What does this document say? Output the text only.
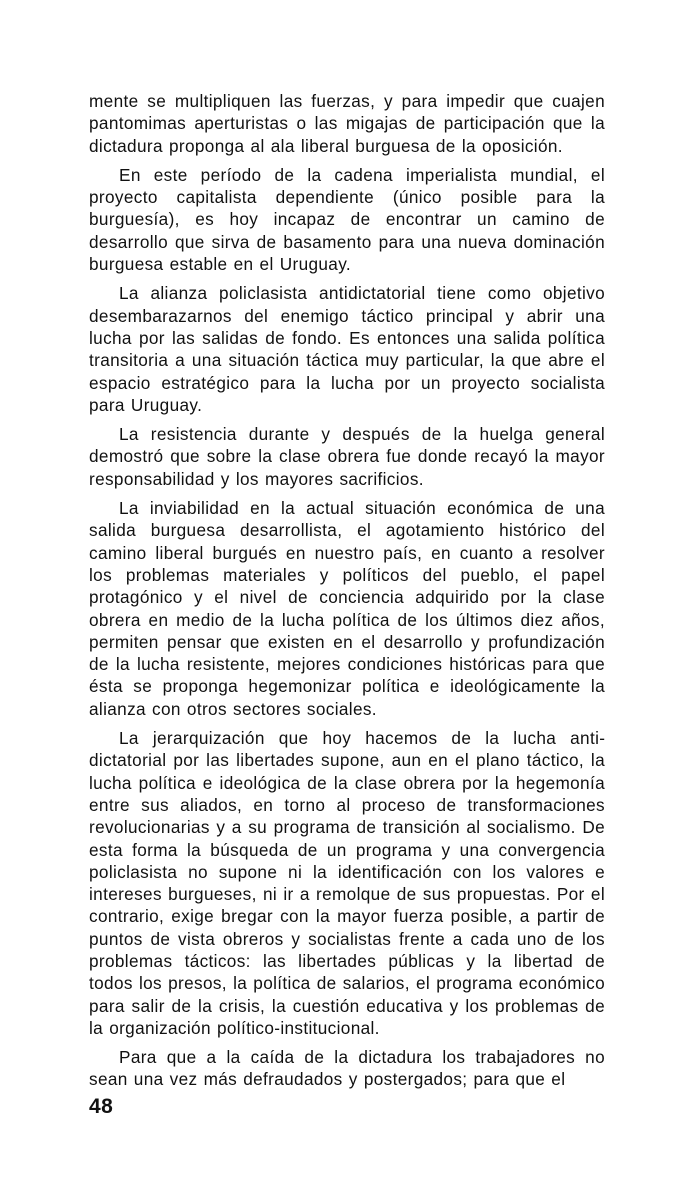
mente se multipliquen las fuerzas, y para impedir que cuajen pantomimas aperturistas o las migajas de participación que la dictadura proponga al ala liberal burguesa de la oposición.

En este período de la cadena imperialista mundial, el proyecto capitalista dependiente (único posible para la burguesía), es hoy incapaz de encontrar un camino de desarrollo que sirva de basamento para una nueva dominación burguesa estable en el Uruguay.

La alianza policlasista antidictatorial tiene como objetivo desembarazarnos del enemigo táctico principal y abrir una lucha por las salidas de fondo. Es entonces una salida política transitoria a una situación táctica muy particular, la que abre el espacio estratégico para la lucha por un proyecto socialista para Uruguay.

La resistencia durante y después de la huelga general demostró que sobre la clase obrera fue donde recayó la mayor responsabilidad y los mayores sacrificios.

La inviabilidad en la actual situación económica de una salida burguesa desarrollista, el agotamiento histórico del camino liberal burgués en nuestro país, en cuanto a resolver los problemas materiales y políticos del pueblo, el papel protagónico y el nivel de conciencia adquirido por la clase obrera en medio de la lucha política de los últimos diez años, permiten pensar que existen en el desarrollo y profundización de la lucha resistente, mejores condiciones históricas para que ésta se proponga hegemonizar política e ideológicamente la alianza con otros sectores sociales.

La jerarquización que hoy hacemos de la lucha antidictatorial por las libertades supone, aun en el plano táctico, la lucha política e ideológica de la clase obrera por la hegemonía entre sus aliados, en torno al proceso de transformaciones revolucionarias y a su programa de transición al socialismo. De esta forma la búsqueda de un programa y una convergencia policlasista no supone ni la identificación con los valores e intereses burgueses, ni ir a remolque de sus propuestas. Por el contrario, exige bregar con la mayor fuerza posible, a partir de puntos de vista obreros y socialistas frente a cada uno de los problemas tácticos: las libertades públicas y la libertad de todos los presos, la política de salarios, el programa económico para salir de la crisis, la cuestión educativa y los problemas de la organización político-institucional.

Para que a la caída de la dictadura los trabajadores no sean una vez más defraudados y postergados; para que el

48
